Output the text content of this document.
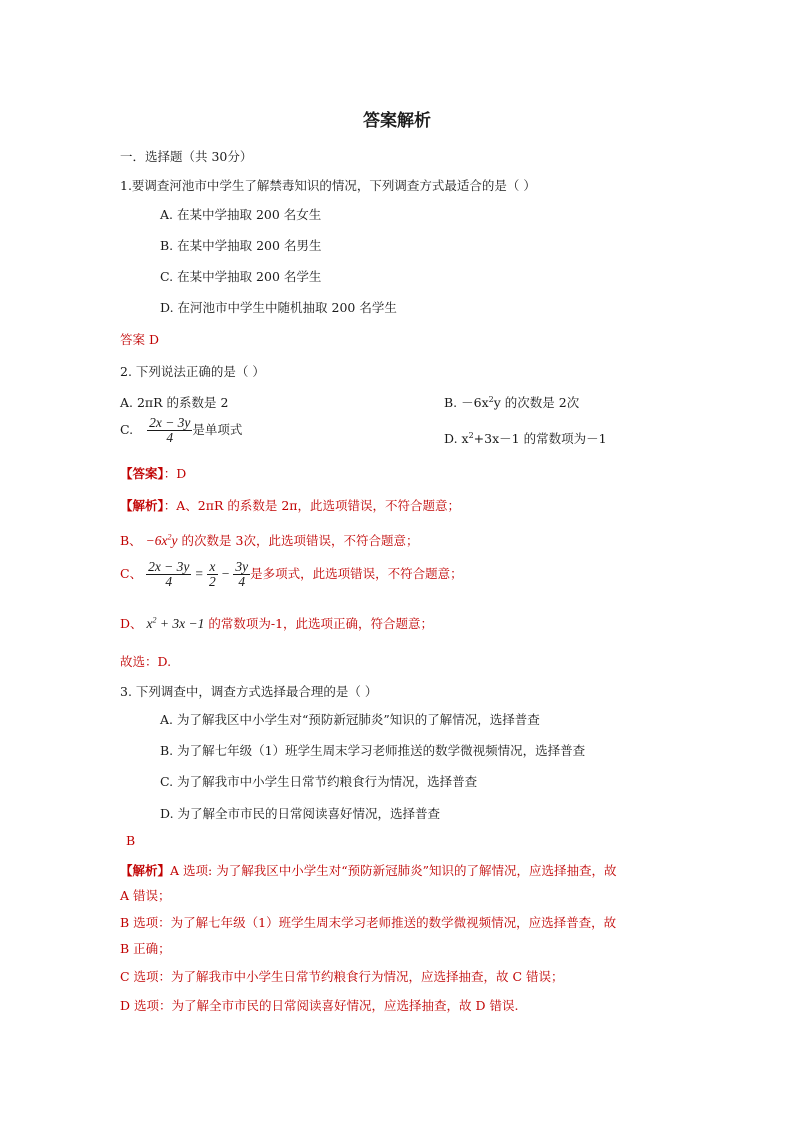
答案解析
一．选择题（共 30分）
1.要调查河池市中学生了解禁毒知识的情况，下列调查方式最适合的是（ ）
A. 在某中学抽取 200 名女生
B. 在某中学抽取 200 名男生
C. 在某中学抽取 200 名学生
D. 在河池市中学生中随机抽取 200 名学生
答案 D
2. 下列说法正确的是（ ）
A. 2πR 的系数是 2	B. $-6x^2y$ 的次数是 2次
C. $\frac{2x - 3y}{4}$ 是单项式
D. $x^2+3x-1$ 的常数项为－1
【答案】：D
【解析】：A、2πR 的系数是 2π，此选项错误，不符合题意；
B、 $-6x^2y$ 的次数是 3次，此选项错误，不符合题意；
C、 $\frac{2x - 3y}{4} = \frac{x}{2} - \frac{3y}{4}$ 是多项式，此选项错误，不符合题意；
D、 $x^2 + 3x -1$ 的常数项为-1，此选项正确，符合题意；
故选：D.
3. 下列调查中，调查方式选择最合理的是（ ）
A. 为了解我区中小学生对“预防新冠肺炎”知识的了解情况，选择普查
B. 为了解七年级（1）班学生周末学习老师推送的数学微视频情况，选择普查
C. 为了解我市中小学生日常节约粮食行为情况，选择普查
D. 为了解全市市民的日常阅读喜好情况，选择普查
B
【解析】A 选项: 为了解我区中小学生对“预防新冠肺炎”知识的了解情况，应选择抽查，故
A 错误；
B 选项：为了解七年级（1）班学生周末学习老师推送的数学微视频情况，应选择普查，故
B 正确；
C 选项：为了解我市中小学生日常节约粮食行为情况，应选择抽查，故 C 错误；
D 选项：为了解全市市民的日常阅读喜好情况，应选择抽查，故 D 错误.
